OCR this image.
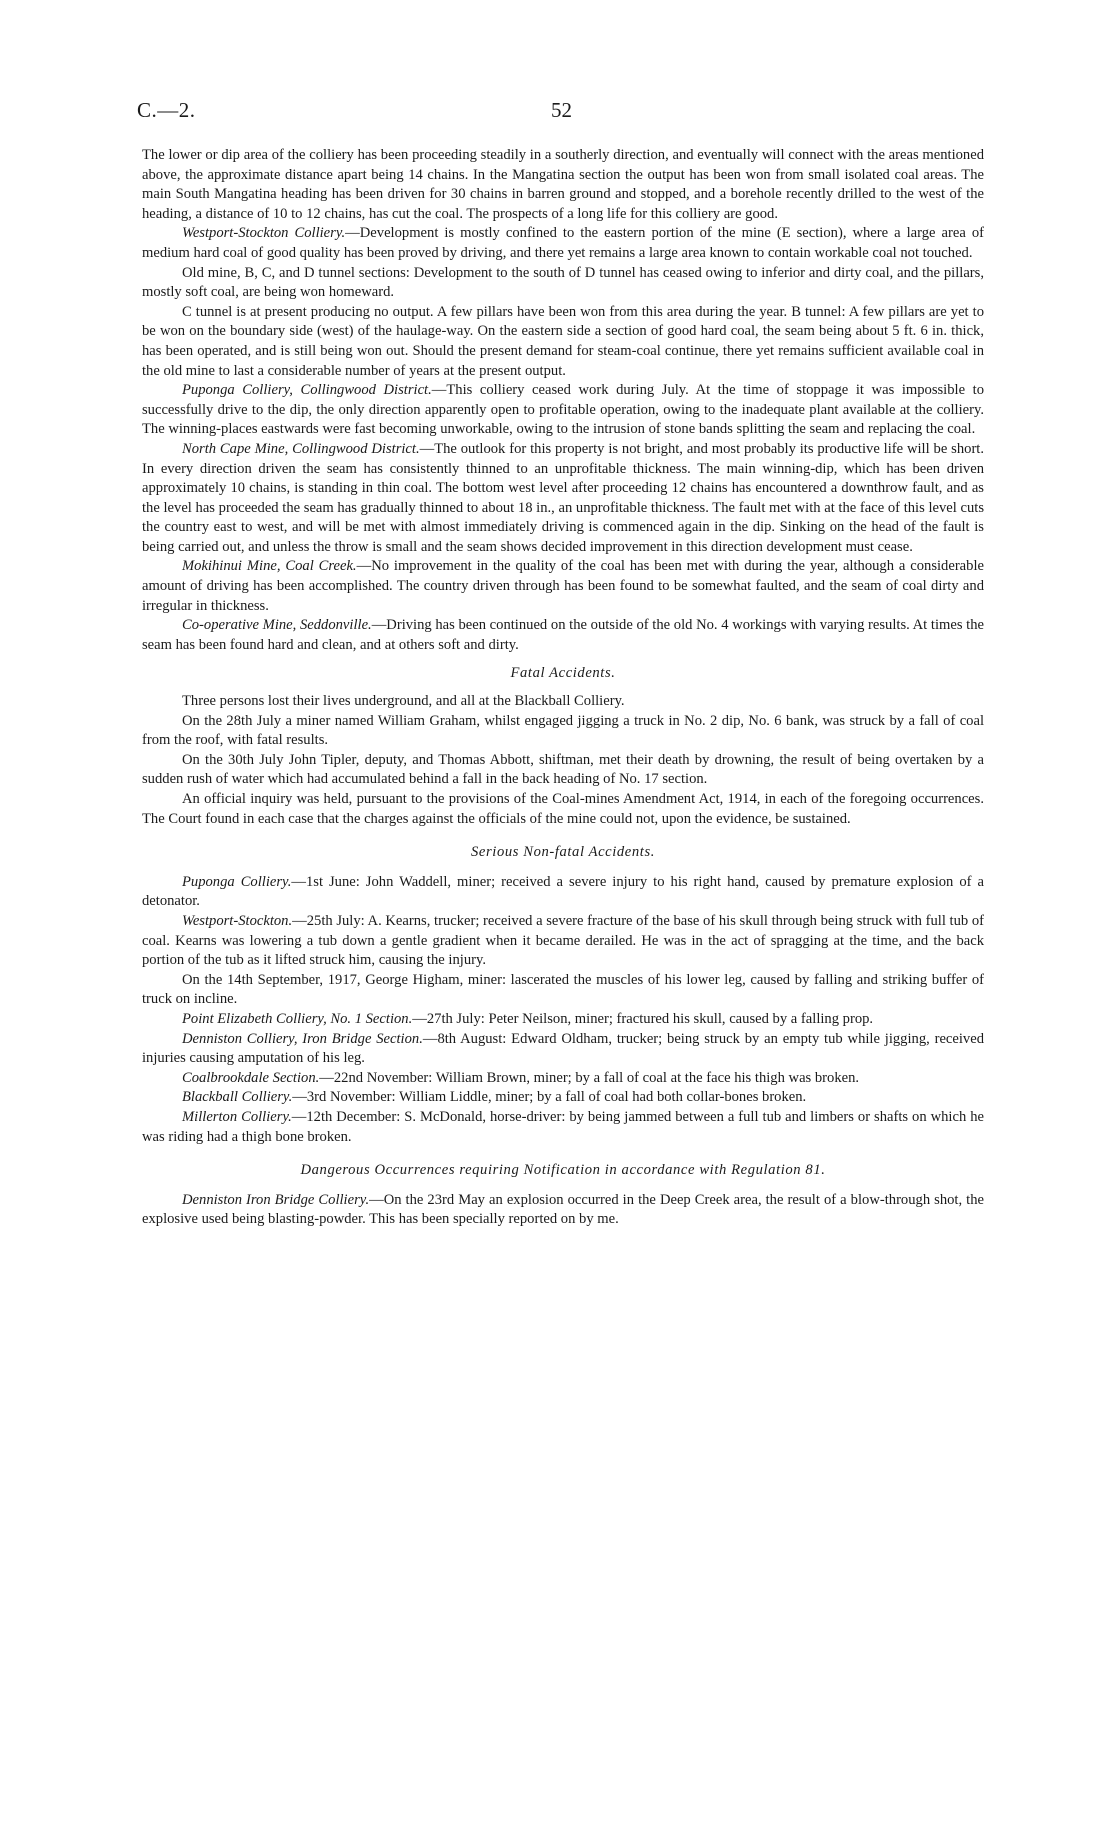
C.—2.	52

The lower or dip area of the colliery has been proceeding steadily in a southerly direction, and eventually will connect with the areas mentioned above, the approximate distance apart being 14 chains. In the Mangatina section the output has been won from small isolated coal areas. The main South Mangatina heading has been driven for 30 chains in barren ground and stopped, and a borehole recently drilled to the west of the heading, a distance of 10 to 12 chains, has cut the coal. The prospects of a long life for this colliery are good.

Westport-Stockton Colliery.—Development is mostly confined to the eastern portion of the mine (E section), where a large area of medium hard coal of good quality has been proved by driving, and there yet remains a large area known to contain workable coal not touched.

Old mine, B, C, and D tunnel sections: Development to the south of D tunnel has ceased owing to inferior and dirty coal, and the pillars, mostly soft coal, are being won homeward.

C tunnel is at present producing no output. A few pillars have been won from this area during the year. B tunnel: A few pillars are yet to be won on the boundary side (west) of the haulage-way. On the eastern side a section of good hard coal, the seam being about 5 ft. 6 in. thick, has been operated, and is still being won out. Should the present demand for steam-coal continue, there yet remains sufficient available coal in the old mine to last a considerable number of years at the present output.

Puponga Colliery, Collingwood District.—This colliery ceased work during July. At the time of stoppage it was impossible to successfully drive to the dip, the only direction apparently open to profitable operation, owing to the inadequate plant available at the colliery. The winning-places eastwards were fast becoming unworkable, owing to the intrusion of stone bands splitting the seam and replacing the coal.

North Cape Mine, Collingwood District.—The outlook for this property is not bright, and most probably its productive life will be short. In every direction driven the seam has consistently thinned to an unprofitable thickness. The main winning-dip, which has been driven approximately 10 chains, is standing in thin coal. The bottom west level after proceeding 12 chains has encountered a downthrow fault, and as the level has proceeded the seam has gradually thinned to about 18 in., an unprofitable thickness. The fault met with at the face of this level cuts the country east to west, and will be met with almost immediately driving is commenced again in the dip. Sinking on the head of the fault is being carried out, and unless the throw is small and the seam shows decided improvement in this direction development must cease.

Mokihinui Mine, Coal Creek.—No improvement in the quality of the coal has been met with during the year, although a considerable amount of driving has been accomplished. The country driven through has been found to be somewhat faulted, and the seam of coal dirty and irregular in thickness.

Co-operative Mine, Seddonville.—Driving has been continued on the outside of the old No. 4 workings with varying results. At times the seam has been found hard and clean, and at others soft and dirty.

Fatal Accidents.

Three persons lost their lives underground, and all at the Blackball Colliery.

On the 28th July a miner named William Graham, whilst engaged jigging a truck in No. 2 dip, No. 6 bank, was struck by a fall of coal from the roof, with fatal results.

On the 30th July John Tipler, deputy, and Thomas Abbott, shiftman, met their death by drowning, the result of being overtaken by a sudden rush of water which had accumulated behind a fall in the back heading of No. 17 section.

An official inquiry was held, pursuant to the provisions of the Coal-mines Amendment Act, 1914, in each of the foregoing occurrences. The Court found in each case that the charges against the officials of the mine could not, upon the evidence, be sustained.

Serious Non-fatal Accidents.

Puponga Colliery.—1st June: John Waddell, miner; received a severe injury to his right hand, caused by premature explosion of a detonator.

Westport-Stockton.—25th July: A. Kearns, trucker; received a severe fracture of the base of his skull through being struck with full tub of coal. Kearns was lowering a tub down a gentle gradient when it became derailed. He was in the act of spragging at the time, and the back portion of the tub as it lifted struck him, causing the injury.

On the 14th September, 1917, George Higham, miner: lascerated the muscles of his lower leg, caused by falling and striking buffer of truck on incline.

Point Elizabeth Colliery, No. 1 Section.—27th July: Peter Neilson, miner; fractured his skull, caused by a falling prop.

Denniston Colliery, Iron Bridge Section.—8th August: Edward Oldham, trucker; being struck by an empty tub while jigging, received injuries causing amputation of his leg.

Coalbrookdale Section.—22nd November: William Brown, miner; by a fall of coal at the face his thigh was broken.

Blackball Colliery.—3rd November: William Liddle, miner; by a fall of coal had both collar-bones broken.

Millerton Colliery.—12th December: S. McDonald, horse-driver: by being jammed between a full tub and limbers or shafts on which he was riding had a thigh bone broken.

Dangerous Occurrences requiring Notification in accordance with Regulation 81.

Denniston Iron Bridge Colliery.—On the 23rd May an explosion occurred in the Deep Creek area, the result of a blow-through shot, the explosive used being blasting-powder. This has been specially reported on by me.
